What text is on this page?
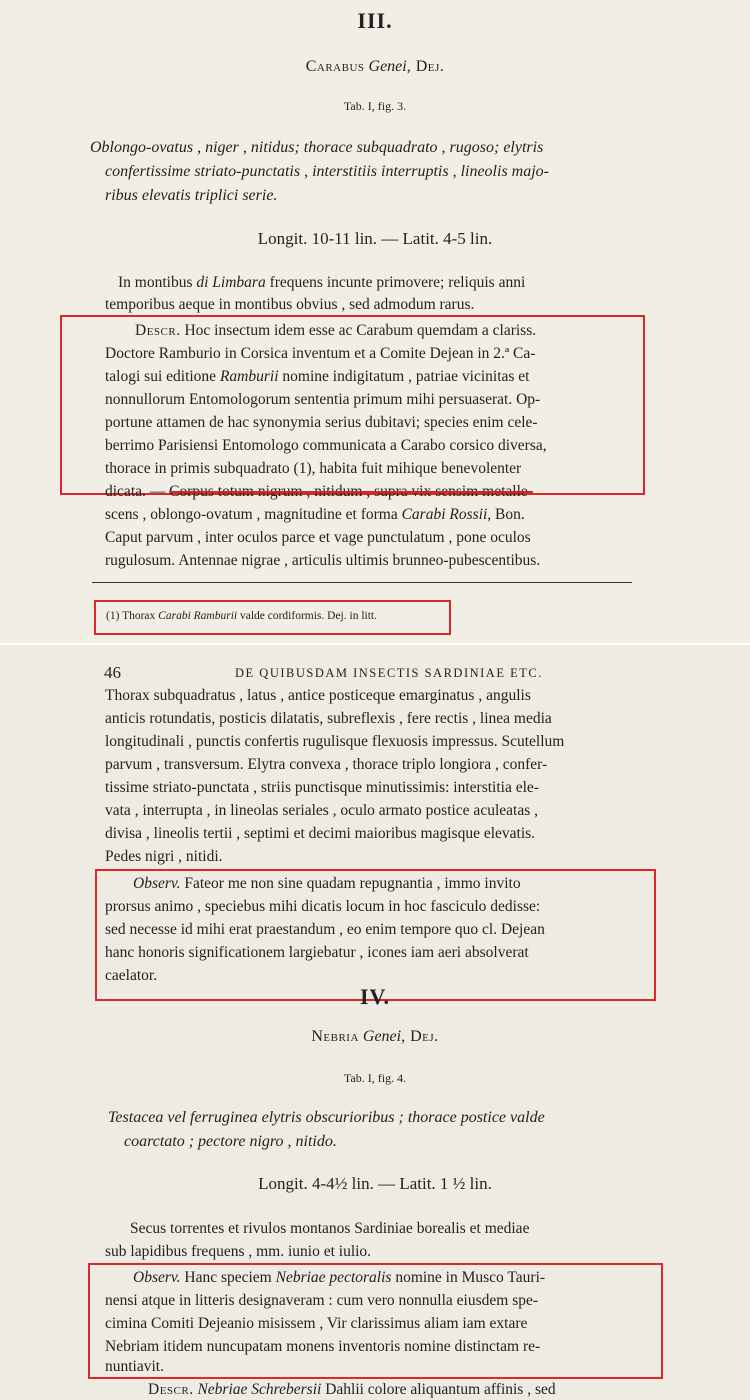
III.
Carabus Genei, Dej.
Tab. I, fig. 3.
Oblongo-ovatus , niger , nitidus; thorace subquadrato , rugoso; elytris
confertissime striato-punctatis , interstitiis interruptis , lineolis majo-
ribus elevatis triplici serie.
Longit. 10-11 lin. — Latit. 4-5 lin.
In montibus di Limbara frequens incunte primovere; reliquis anni
temporibus aeque in montibus obvius , sed admodum rarus.
Descr. Hoc insectum idem esse ac Carabum quemdam a clariss.
Doctore Ramburio in Corsica inventum et a Comite Dejean in 2.ª Ca-
talogi sui editione Ramburii nomine indigitatum , patriae vicinitas et
nonnullorum Entomologorum sententia primum mihi persuaserat. Op-
portune attamen de hac synonymia serius dubitavi; species enim cele-
berrimo Parisiensi Entomologo communicata a Carabo corsico diversa,
thorace in primis subquadrato (1), habita fuit mihique benevolenter
dicata. — Corpus totum nigrum , nitidum , supra vix sensim metalle-
scens , oblongo-ovatum , magnitudine et forma Carabi Rossii, Bon.
Caput parvum , inter oculos parce et vage punctulatum , pone oculos
rugulosum. Antennae nigrae , articulis ultimis brunneo-pubescentibus.
(1) Thorax Carabi Ramburii valde cordiformis. Dej. in litt.
46	DE QUIBUSDAM INSECTIS SARDINIAE ETC.
Thorax subquadratus , latus , antice posticeque emarginatus , angulis
anticis rotundatis, posticis dilatatis, subreflexis , fere rectis , linea media
longitudinali , punctis confertis rugulisque flexuosis impressus. Scutellum
parvum , transversum. Elytra convexa , thorace triplo longiora , confer-
tissime striato-punctata , striis punctisque minutissimis: interstitia ele-
vata , interrupta , in lineolas seriales , oculo armato postice aculeatas ,
divisa , lineolis tertii , septimi et decimi maioribus magisque elevatis.
Pedes nigri , nitidi.
Observ. Fateor me non sine quadam repugnantia , immo invito
prorsus animo , speciebus mihi dicatis locum in hoc fasciculo dedisse:
sed necesse id mihi erat praestandum , eo enim tempore quo cl. Dejean
hanc honoris significationem largiebatur , icones iam aeri absolverat
caelator.
IV.
Nebria Genei, Dej.
Tab. I, fig. 4.
Testacea vel ferruginea elytris obscurioribus ; thorace postice valde
coarctato ; pectore nigro , nitido.
Longit. 4-4½ lin. — Latit. 1 ½ lin.
Secus torrentes et rivulos montanos Sardiniae borealis et mediae
sub lapidibus frequens , mm. iunio et iulio.
Observ. Hanc speciem Nebriae pectoralis nomine in Musco Tauri-
nensi atque in litteris designaveram : cum vero nonnulla eiusdem spe-
cimina Comiti Dejeanio misissem , Vir clarissimus aliam iam extare
Nebriam itidem nuncupatam monens inventoris nomine distinctam re-
nuntiavit.
Descr. Nebriae Schrebersii Dahlii colore aliquantum affinis , sed
